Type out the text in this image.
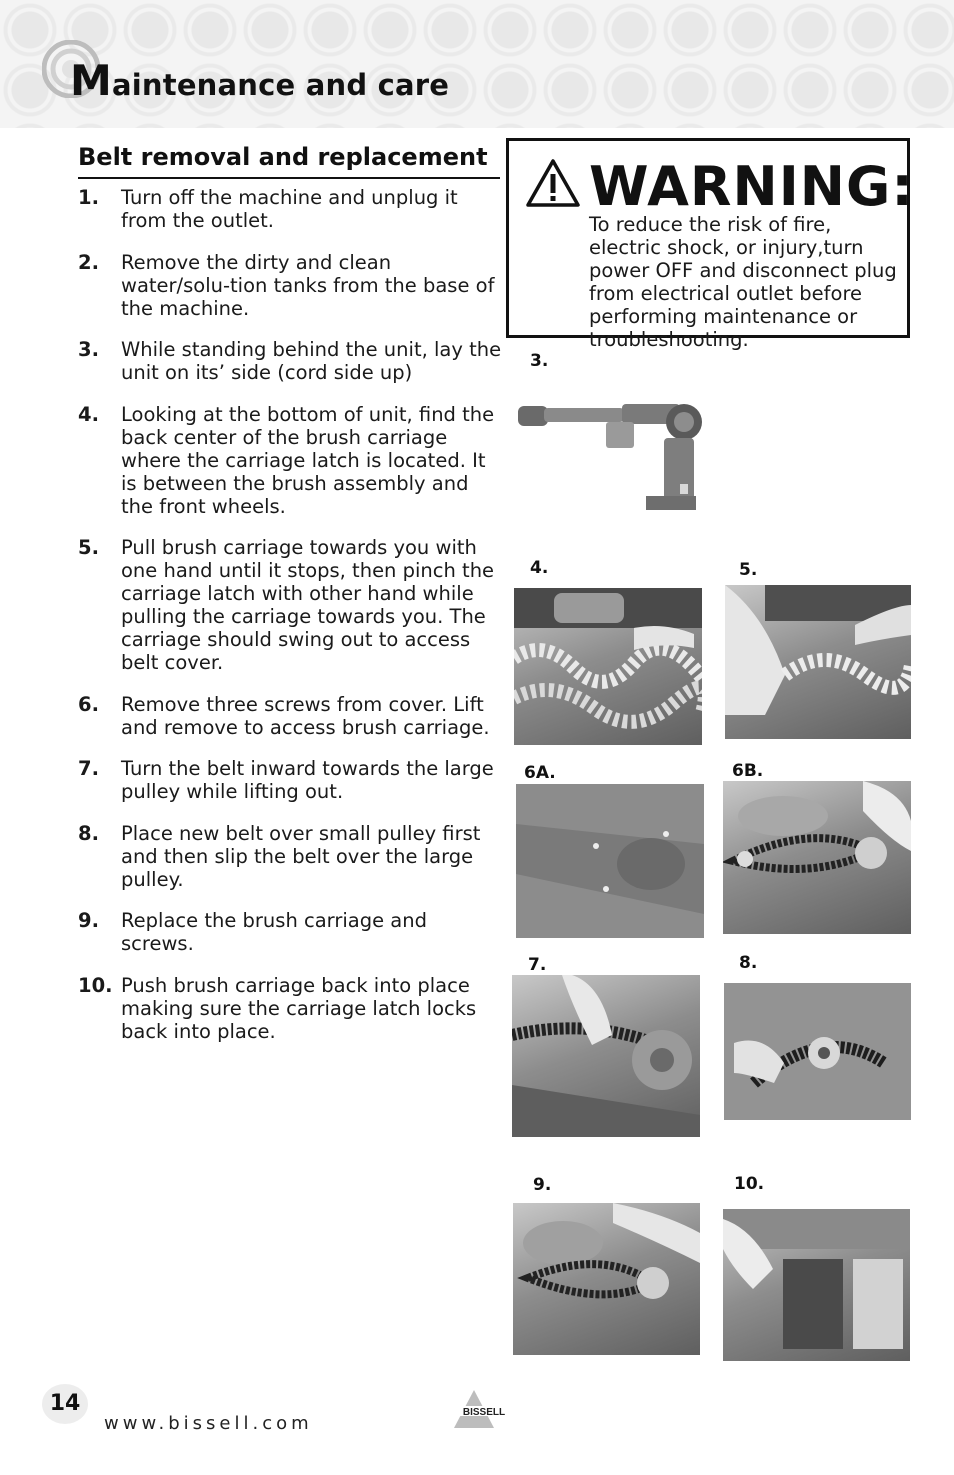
Maintenance and care
Belt removal and replacement
1. Turn off the machine and unplug it from the outlet.
2. Remove the dirty and clean water/solu-tion tanks from the base of the machine.
3. While standing behind the unit, lay the unit on its’ side (cord side up)
4. Looking at the bottom of unit, find the back center of the brush carriage where the carriage latch is located. It is between the brush assembly and the front wheels.
5. Pull brush carriage towards you with one hand until it stops, then pinch the carriage latch with other hand while pulling the carriage towards you. The carriage should swing out to access belt cover.
6. Remove three screws from cover. Lift and remove to access brush carriage.
7. Turn the belt inward towards the large pulley while lifting out.
8. Place new belt over small pulley first and then slip the belt over the large pulley.
9. Replace the brush carriage and screws.
10. Push brush carriage back into place making sure the carriage latch locks back into place.
WARNING:
To reduce the risk of fire, electric shock, or injury,turn power OFF and disconnect plug from electrical outlet before performing maintenance or troubleshooting.
3.
4.	5.
6A.	6B.
7.	8.
9.	10.
14
www.bissell.com
BISSELL
